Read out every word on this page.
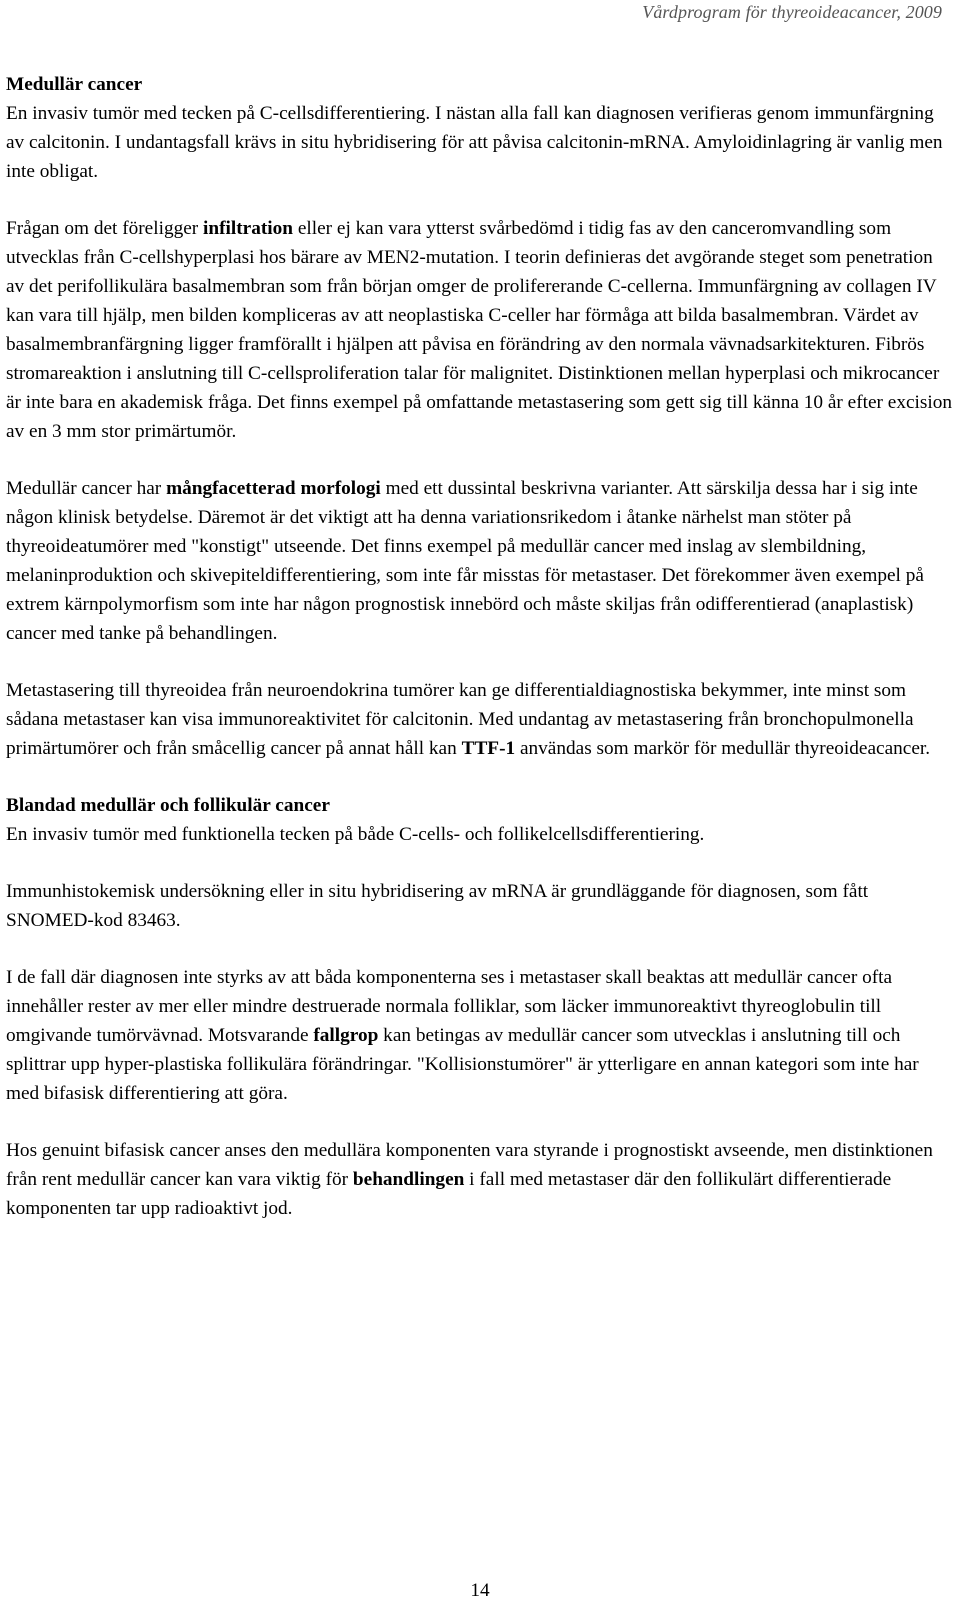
Vårdprogram för thyreoideacancer, 2009

Medullär cancer

En invasiv tumör med tecken på C-cellsdifferentiering. I nästan alla fall kan diagnosen verifieras genom immunfärgning av calcitonin. I undantagsfall krävs in situ hybridisering för att påvisa calcitonin-mRNA. Amyloidinlagring är vanlig men inte obligat.

Frågan om det föreligger infiltration eller ej kan vara ytterst svårbedömd i tidig fas av den canceromvandling som utvecklas från C-cellshyperplasi hos bärare av MEN2-mutation. I teorin definieras det avgörande steget som penetration av det perifollikulära basalmembran som från början omger de prolifererande C-cellerna. Immunfärgning av collagen IV kan vara till hjälp, men bilden kompliceras av att neoplastiska C-celler har förmåga att bilda basalmembran. Värdet av basalmembranfärgning ligger framförallt i hjälpen att påvisa en förändring av den normala vävnadsarkitekturen. Fibrös stromareaktion i anslutning till C-cellsproliferation talar för malignitet. Distinktionen mellan hyperplasi och mikrocancer är inte bara en akademisk fråga. Det finns exempel på omfattande metastasering som gett sig till känna 10 år efter excision av en 3 mm stor primärtumör.

Medullär cancer har mångfacetterad morfologi med ett dussintal beskrivna varianter. Att särskilja dessa har i sig inte någon klinisk betydelse. Däremot är det viktigt att ha denna variationsrikedom i åtanke närhelst man stöter på thyreoideatumörer med "konstigt" utseende. Det finns exempel på medullär cancer med inslag av slembildning, melaninproduktion och skivepiteldifferentiering, som inte får misstas för metastaser. Det förekommer även exempel på extrem kärnpolymorfism som inte har någon prognostisk innebörd och måste skiljas från odifferentierad (anaplastisk) cancer med tanke på behandlingen.

Metastasering till thyreoidea från neuroendokrina tumörer kan ge differentialdiagnostiska bekymmer, inte minst som sådana metastaser kan visa immunoreaktivitet för calcitonin. Med undantag av metastasering från bronchopulmonella primärtumörer och från småcellig cancer på annat håll kan TTF-1 användas som markör för medullär thyreoideacancer.

Blandad medullär och follikulär cancer

En invasiv tumör med funktionella tecken på både C-cells- och follikelcellsdifferentiering.

Immunhistokemisk undersökning eller in situ hybridisering av mRNA är grundläggande för diagnosen, som fått SNOMED-kod 83463.

I de fall där diagnosen inte styrks av att båda komponenterna ses i metastaser skall beaktas att medullär cancer ofta innehåller rester av mer eller mindre destruerade normala folliklar, som läcker immunoreaktivt thyreoglobulin till omgivande tumörvävnad. Motsvarande fallgrop kan betingas av medullär cancer som utvecklas i anslutning till och splittrar upp hyper-plastiska follikulära förändringar. "Kollisionstumörer" är ytterligare en annan kategori som inte har med bifasisk differentiering att göra.

Hos genuint bifasisk cancer anses den medullära komponenten vara styrande i prognostiskt avseende, men distinktionen från rent medullär cancer kan vara viktig för behandlingen i fall med metastaser där den follikulärt differentierade komponenten tar upp radioaktivt jod.

14
